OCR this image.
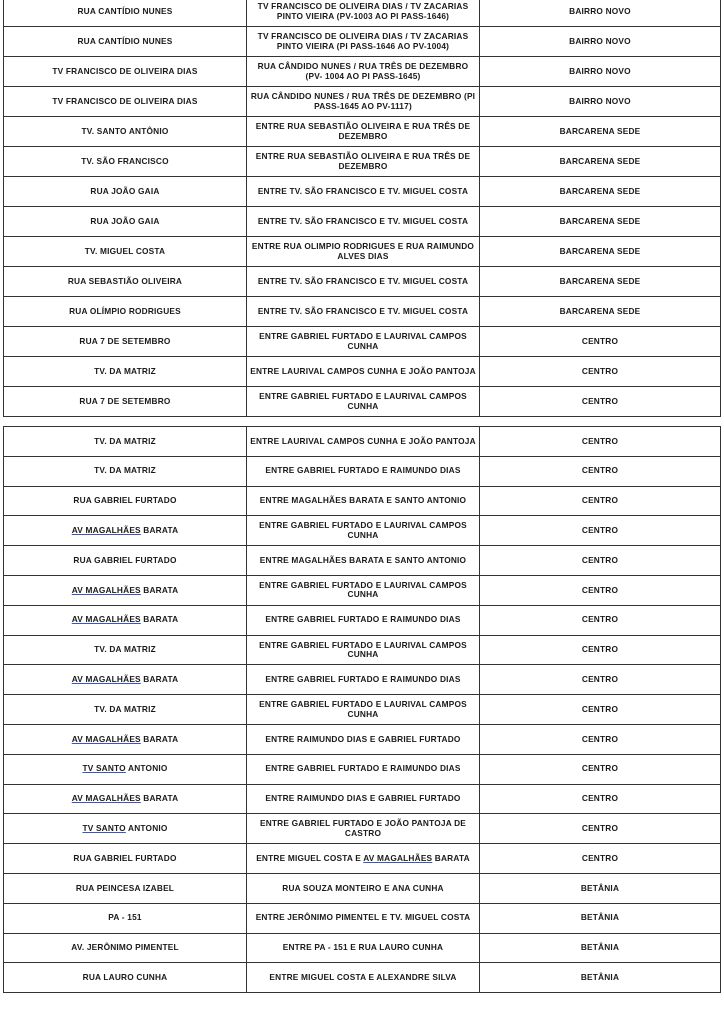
RUA CANTÍDIO NUNES	TV FRANCISCO DE OLIVEIRA DIAS / TV ZACARIAS PINTO VIEIRA (PV-1003 AO PI PASS-1646)	BAIRRO NOVO
RUA CANTÍDIO NUNES	TV FRANCISCO DE OLIVEIRA DIAS / TV ZACARIAS PINTO VIEIRA (PI PASS-1646 AO PV-1004)	BAIRRO NOVO
TV FRANCISCO DE OLIVEIRA DIAS	RUA CÂNDIDO NUNES / RUA TRÊS DE DEZEMBRO (PV- 1004 AO PI PASS-1645)	BAIRRO NOVO
TV FRANCISCO DE OLIVEIRA DIAS	RUA CÂNDIDO NUNES / RUA TRÊS DE DEZEMBRO (PI PASS-1645 AO PV-1117)	BAIRRO NOVO
TV. SANTO ANTÔNIO	ENTRE RUA SEBASTIÃO OLIVEIRA E RUA TRÊS DE DEZEMBRO	BARCARENA SEDE
TV. SÃO FRANCISCO	ENTRE RUA SEBASTIÃO OLIVEIRA E RUA TRÊS DE DEZEMBRO	BARCARENA SEDE
RUA JOÃO GAIA	ENTRE TV. SÃO FRANCISCO E TV. MIGUEL COSTA	BARCARENA SEDE
RUA JOÃO GAIA	ENTRE TV. SÃO FRANCISCO E TV. MIGUEL COSTA	BARCARENA SEDE
TV. MIGUEL COSTA	ENTRE RUA OLIMPIO RODRIGUES E RUA RAIMUNDO ALVES DIAS	BARCARENA SEDE
RUA SEBASTIÃO OLIVEIRA	ENTRE TV. SÃO FRANCISCO E TV. MIGUEL COSTA	BARCARENA SEDE
RUA OLÍMPIO RODRIGUES	ENTRE TV. SÃO FRANCISCO E TV. MIGUEL COSTA	BARCARENA SEDE
RUA 7 DE SETEMBRO	ENTRE GABRIEL FURTADO E LAURIVAL CAMPOS CUNHA	CENTRO
TV. DA MATRIZ	ENTRE LAURIVAL CAMPOS CUNHA E JOÃO PANTOJA	CENTRO
RUA 7 DE SETEMBRO	ENTRE GABRIEL FURTADO E LAURIVAL CAMPOS CUNHA	CENTRO
TV. DA MATRIZ	ENTRE LAURIVAL CAMPOS CUNHA E JOÃO PANTOJA	CENTRO
TV. DA MATRIZ	ENTRE GABRIEL FURTADO E RAIMUNDO DIAS	CENTRO
RUA GABRIEL FURTADO	ENTRE MAGALHÃES BARATA E SANTO ANTONIO	CENTRO
AV MAGALHÃES BARATA	ENTRE GABRIEL FURTADO E LAURIVAL CAMPOS CUNHA	CENTRO
RUA GABRIEL FURTADO	ENTRE MAGALHÃES BARATA E SANTO ANTONIO	CENTRO
AV MAGALHÃES BARATA	ENTRE GABRIEL FURTADO E LAURIVAL CAMPOS CUNHA	CENTRO
AV MAGALHÃES BARATA	ENTRE GABRIEL FURTADO E RAIMUNDO DIAS	CENTRO
TV. DA MATRIZ	ENTRE GABRIEL FURTADO E LAURIVAL CAMPOS CUNHA	CENTRO
AV MAGALHÃES BARATA	ENTRE GABRIEL FURTADO E RAIMUNDO DIAS	CENTRO
TV. DA MATRIZ	ENTRE GABRIEL FURTADO E LAURIVAL CAMPOS CUNHA	CENTRO
AV MAGALHÃES BARATA	ENTRE RAIMUNDO DIAS E GABRIEL FURTADO	CENTRO
TV SANTO ANTONIO	ENTRE GABRIEL FURTADO E RAIMUNDO DIAS	CENTRO
AV MAGALHÃES BARATA	ENTRE RAIMUNDO DIAS E GABRIEL FURTADO	CENTRO
TV SANTO ANTONIO	ENTRE GABRIEL FURTADO E JOÃO PANTOJA DE CASTRO	CENTRO
RUA GABRIEL FURTADO	ENTRE MIGUEL COSTA E AV MAGALHÃES BARATA	CENTRO
RUA PEINCESA IZABEL	RUA SOUZA MONTEIRO E ANA CUNHA	BETÂNIA
PA - 151	ENTRE JERÔNIMO PIMENTEL E TV. MIGUEL COSTA	BETÂNIA
AV. JERÔNIMO PIMENTEL	ENTRE PA - 151 E RUA LAURO CUNHA	BETÂNIA
RUA LAURO CUNHA	ENTRE MIGUEL COSTA E ALEXANDRE SILVA	BETÂNIA
